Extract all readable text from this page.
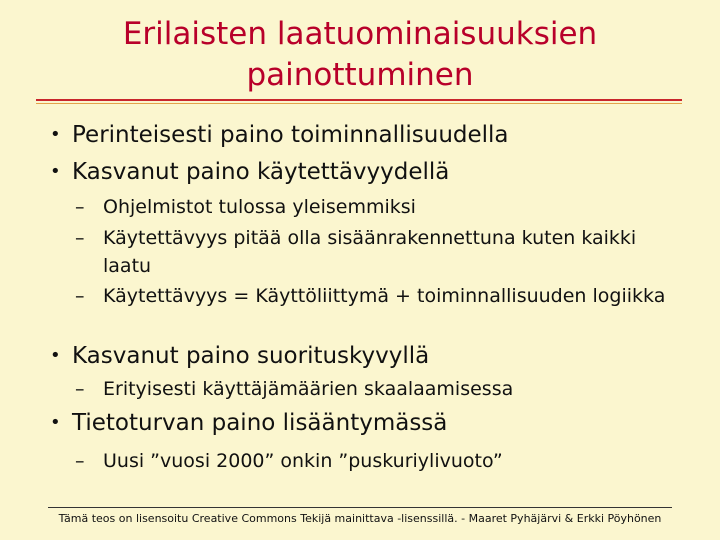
Erilaisten laatuominaisuuksien
painottuminen
• Perinteisesti paino toiminnallisuudella
• Kasvanut paino käytettävyydellä
– Ohjelmistot tulossa yleisemmiksi
– Käytettävyys pitää olla sisäänrakennettuna kuten kaikki laatu
– Käytettävyys = Käyttöliittymä + toiminnallisuuden logiikka
• Kasvanut paino suorituskyvyllä
– Erityisesti käyttäjämäärien skaalaamisessa
• Tietoturvan paino lisääntymässä
– Uusi ”vuosi 2000” onkin ”puskuriylivuoto”
Tämä teos on lisensoitu Creative Commons Tekijä mainittava -lisenssillä. - Maaret Pyhäjärvi & Erkki Pöyhönen
